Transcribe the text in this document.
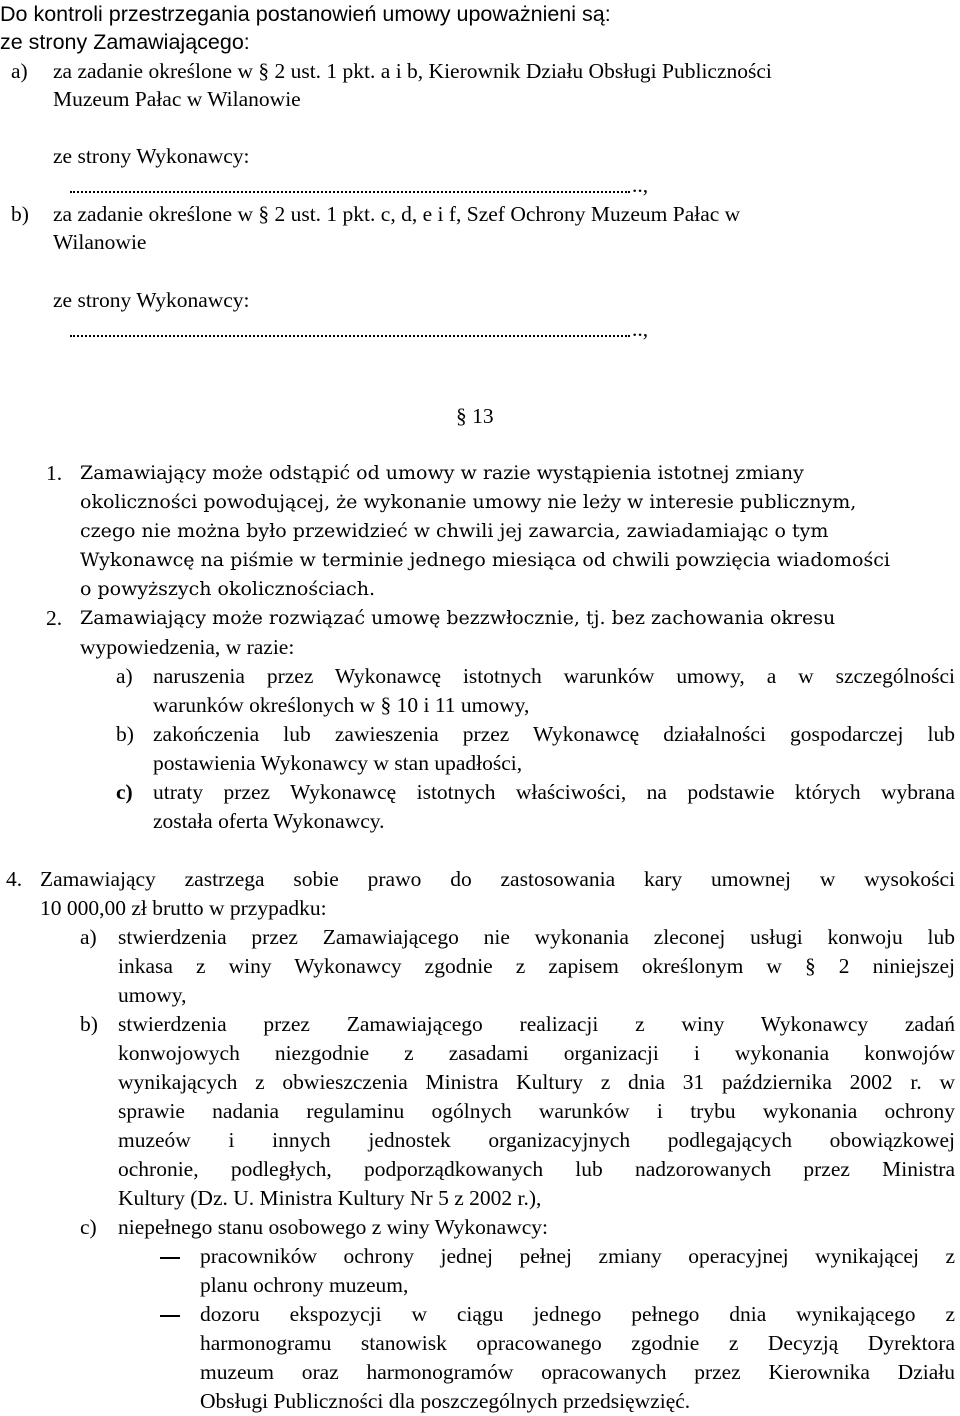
Do kontroli przestrzegania postanowień umowy upoważnieni są:
ze strony Zamawiającego:
a) za zadanie określone w § 2 ust. 1 pkt. a i b, Kierownik Działu Obsługi Publiczności
Muzeum Pałac w Wilanowie
ze strony Wykonawcy:
..,
b) za zadanie określone w § 2 ust. 1 pkt. c, d, e i f, Szef Ochrony Muzeum Pałac w
Wilanowie
ze strony Wykonawcy:
..,
§ 13
1. Zamawiający może odstąpić od umowy w razie wystąpienia istotnej zmiany
okoliczności powodującej, że wykonanie umowy nie leży w interesie publicznym,
czego nie można było przewidzieć w chwili jej zawarcia, zawiadamiając o tym
Wykonawcę na piśmie w terminie jednego miesiąca od chwili powzięcia wiadomości
o powyższych okolicznościach.
2. Zamawiający może rozwiązać umowę bezzwłocznie, tj. bez zachowania okresu
wypowiedzenia, w razie:
a) naruszenia przez Wykonawcę istotnych warunków umowy, a w szczególności
warunków określonych w § 10 i 11 umowy,
b) zakończenia lub zawieszenia przez Wykonawcę działalności gospodarczej lub
postawienia Wykonawcy w stan upadłości,
c) utraty przez Wykonawcę istotnych właściwości, na podstawie których wybrana
została oferta Wykonawcy.
4. Zamawiający zastrzega sobie prawo do zastosowania kary umownej w wysokości
10 000,00 zł brutto w przypadku:
a) stwierdzenia przez Zamawiającego nie wykonania zleconej usługi konwoju lub
inkasa z winy Wykonawcy zgodnie z zapisem określonym w § 2 niniejszej
umowy,
b) stwierdzenia przez Zamawiającego realizacji z winy Wykonawcy zadań
konwojowych niezgodnie z zasadami organizacji i wykonania konwojów
wynikających z obwieszczenia Ministra Kultury z dnia 31 października 2002 r. w
sprawie nadania regulaminu ogólnych warunków i trybu wykonania ochrony
muzeów i innych jednostek organizacyjnych podlegających obowiązkowej
ochronie, podległych, podporządkowanych lub nadzorowanych przez Ministra
Kultury (Dz. U. Ministra Kultury Nr 5 z 2002 r.),
c) niepełnego stanu osobowego z winy Wykonawcy:
pracowników ochrony jednej pełnej zmiany operacyjnej wynikającej z
planu ochrony muzeum,
dozoru ekspozycji w ciągu jednego pełnego dnia wynikającego z
harmonogramu stanowisk opracowanego zgodnie z Decyzją Dyrektora
muzeum oraz harmonogramów opracowanych przez Kierownika Działu
Obsługi Publiczności dla poszczególnych przedsięwzięć.
